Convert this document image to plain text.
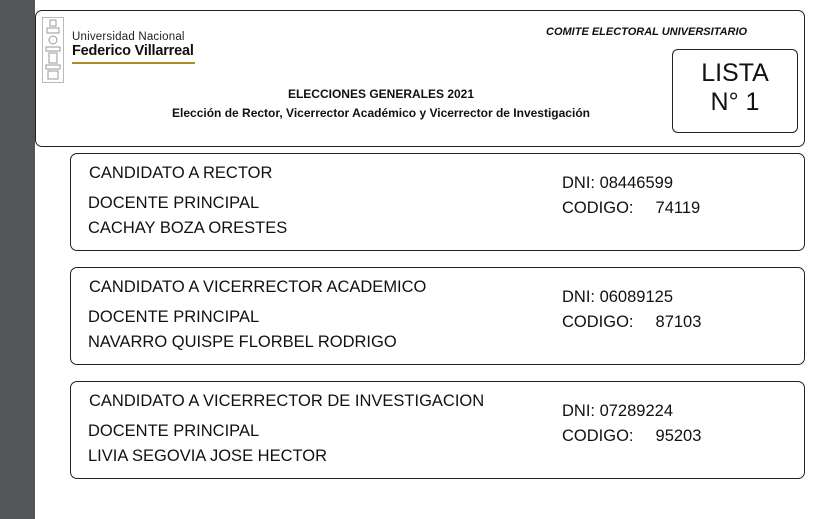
Universidad Nacional
Federico Villarreal
COMITE ELECTORAL UNIVERSITARIO
LISTA
N° 1
ELECCIONES GENERALES 2021
Elección de Rector, Vicerrector Académico y Vicerrector de Investigación
CANDIDATO A RECTOR
DOCENTE PRINCIPAL
CACHAY BOZA ORESTES
DNI: 08446599
CODIGO: 74119
CANDIDATO A VICERRECTOR ACADEMICO
DOCENTE PRINCIPAL
NAVARRO QUISPE FLORBEL RODRIGO
DNI: 06089125
CODIGO: 87103
CANDIDATO A VICERRECTOR DE INVESTIGACION
DOCENTE PRINCIPAL
LIVIA SEGOVIA JOSE HECTOR
DNI: 07289224
CODIGO: 95203
